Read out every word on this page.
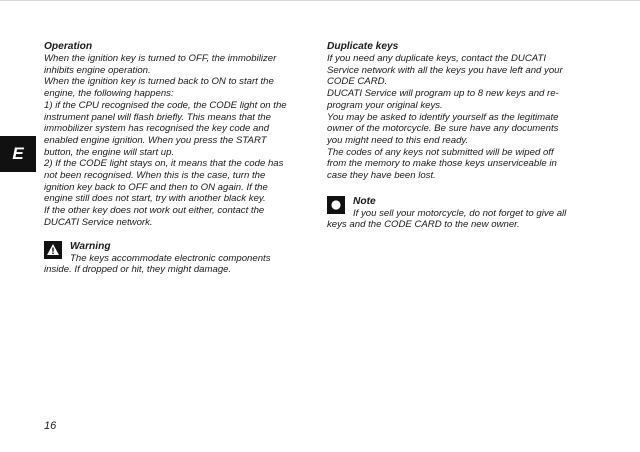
E

Operation

When the ignition key is turned to OFF, the immobilizer

inhibits engine operation.

When the ignition key is turned back to ON to start the

engine, the following happens:

1) if the CPU recognised the code, the CODE light on the

instrument panel will flash briefly. This means that the

immobilizer system has recognised the key code and

enabled engine ignition. When you press the START

button, the engine will start up.

2) If the CODE light stays on, it means that the code has

not been recognised. When this is the case, turn the

ignition key back to OFF and then to ON again. If the

engine still does not start, try with another black key.

If the other key does not work out either, contact the

DUCATI Service network.

Warning

The keys accommodate electronic components

inside. If dropped or hit, they might damage.

Duplicate keys

If you need any duplicate keys, contact the DUCATI

Service network with all the keys you have left and your

CODE CARD.

DUCATI Service will program up to 8 new keys and re-

program your original keys.

You may be asked to identify yourself as the legitimate

owner of the motorcycle. Be sure have any documents

you might need to this end ready.

The codes of any keys not submitted will be wiped off

from the memory to make those keys unserviceable in

case they have been lost.

Note

If you sell your motorcycle, do not forget to give all

keys and the CODE CARD to the new owner.

16
